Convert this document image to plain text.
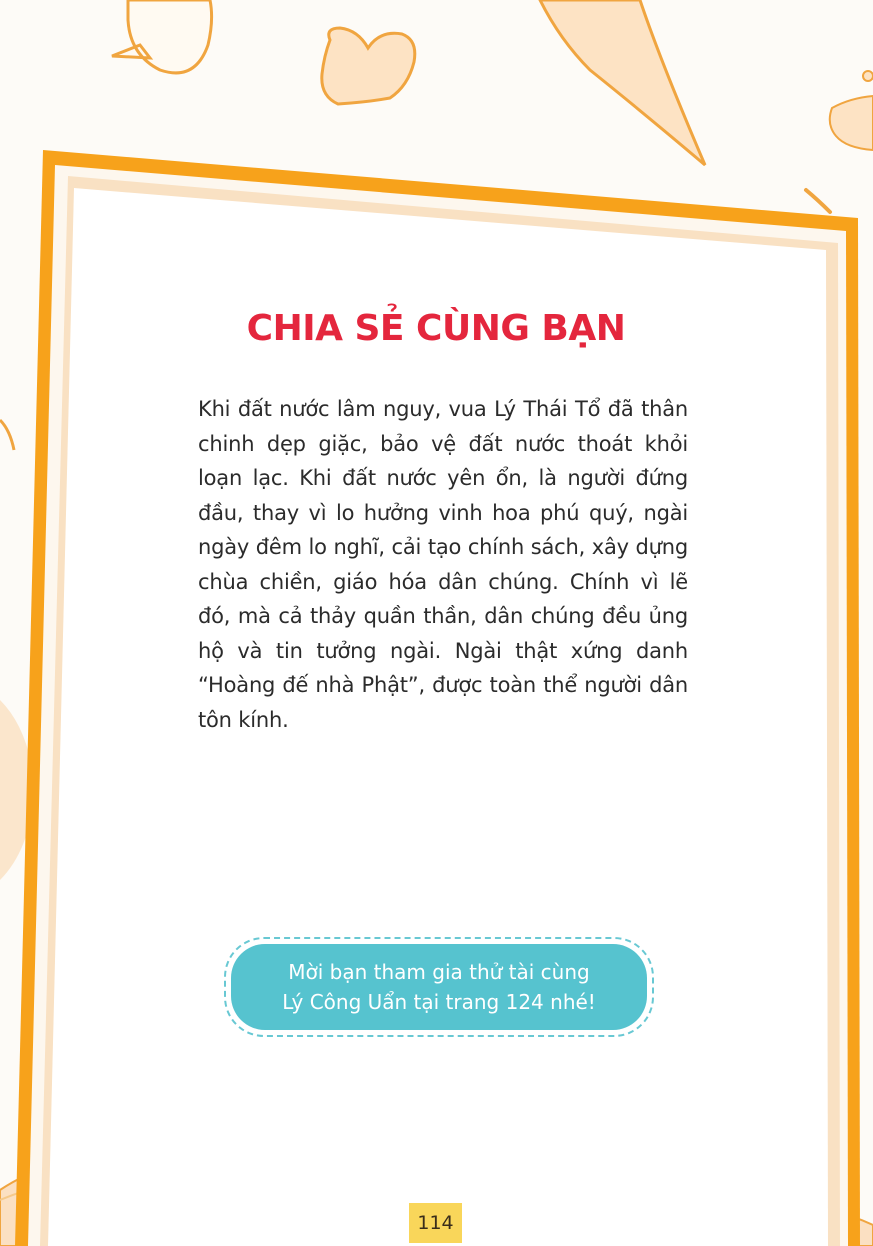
CHIA SẺ CÙNG BẠN

Khi đất nước lâm nguy, vua Lý Thái Tổ đã thân chinh dẹp giặc, bảo vệ đất nước thoát khỏi loạn lạc. Khi đất nước yên ổn, là người đứng đầu, thay vì lo hưởng vinh hoa phú quý, ngài ngày đêm lo nghĩ, cải tạo chính sách, xây dựng chùa chiền, giáo hóa dân chúng. Chính vì lẽ đó, mà cả thảy quần thần, dân chúng đều ủng hộ và tin tưởng ngài. Ngài thật xứng danh “Hoàng đế nhà Phật”, được toàn thể người dân tôn kính.

Mời bạn tham gia thử tài cùng
Lý Công Uẩn tại trang 124 nhé!
114
